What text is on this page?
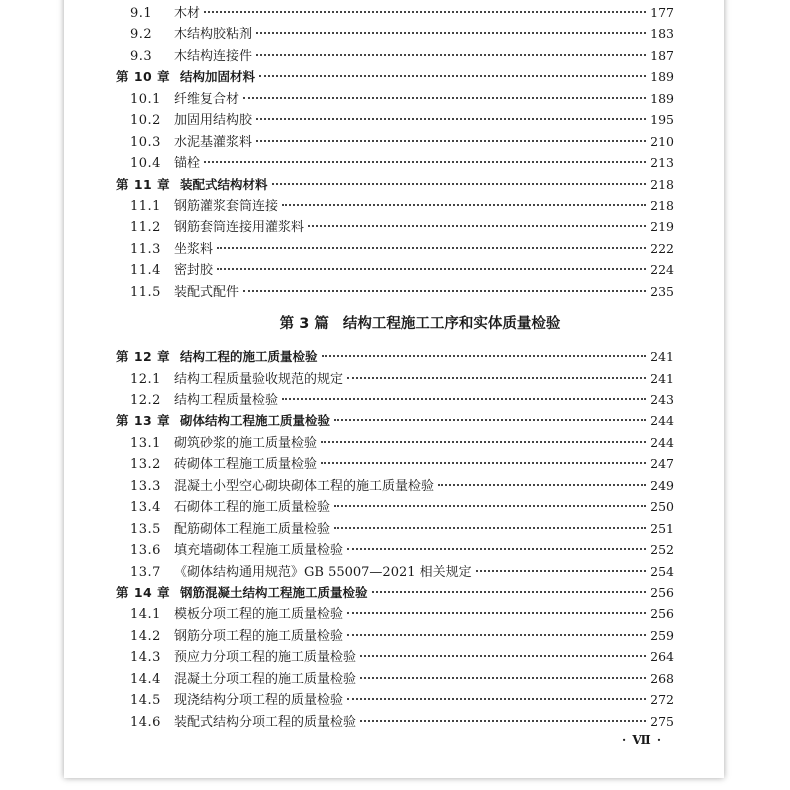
9.1	木材	177
9.2	木结构胶粘剂	183
9.3	木结构连接件	187
第 10 章 结构加固材料	189
10.1	纤维复合材	189
10.2	加固用结构胶	195
10.3	水泥基灌浆料	210
10.4	锚栓	213
第 11 章 装配式结构材料	218
11.1	钢筋灌浆套筒连接	218
11.2	钢筋套筒连接用灌浆料	219
11.3	坐浆料	222
11.4	密封胶	224
11.5	装配式配件	235
第 3 篇 结构工程施工工序和实体质量检验
第 12 章 结构工程的施工质量检验	241
12.1	结构工程质量验收规范的规定	241
12.2	结构工程质量检验	243
第 13 章 砌体结构工程施工质量检验	244
13.1	砌筑砂浆的施工质量检验	244
13.2	砖砌体工程施工质量检验	247
13.3	混凝土小型空心砌块砌体工程的施工质量检验	249
13.4	石砌体工程的施工质量检验	250
13.5	配筋砌体工程施工质量检验	251
13.6	填充墙砌体工程施工质量检验	252
13.7	《砌体结构通用规范》GB 55007—2021 相关规定	254
第 14 章 钢筋混凝土结构工程施工质量检验	256
14.1	模板分项工程的施工质量检验	256
14.2	钢筋分项工程的施工质量检验	259
14.3	预应力分项工程的施工质量检验	264
14.4	混凝土分项工程的施工质量检验	268
14.5	现浇结构分项工程的质量检验	272
14.6	装配式结构分项工程的质量检验	275
· Ⅶ ·
